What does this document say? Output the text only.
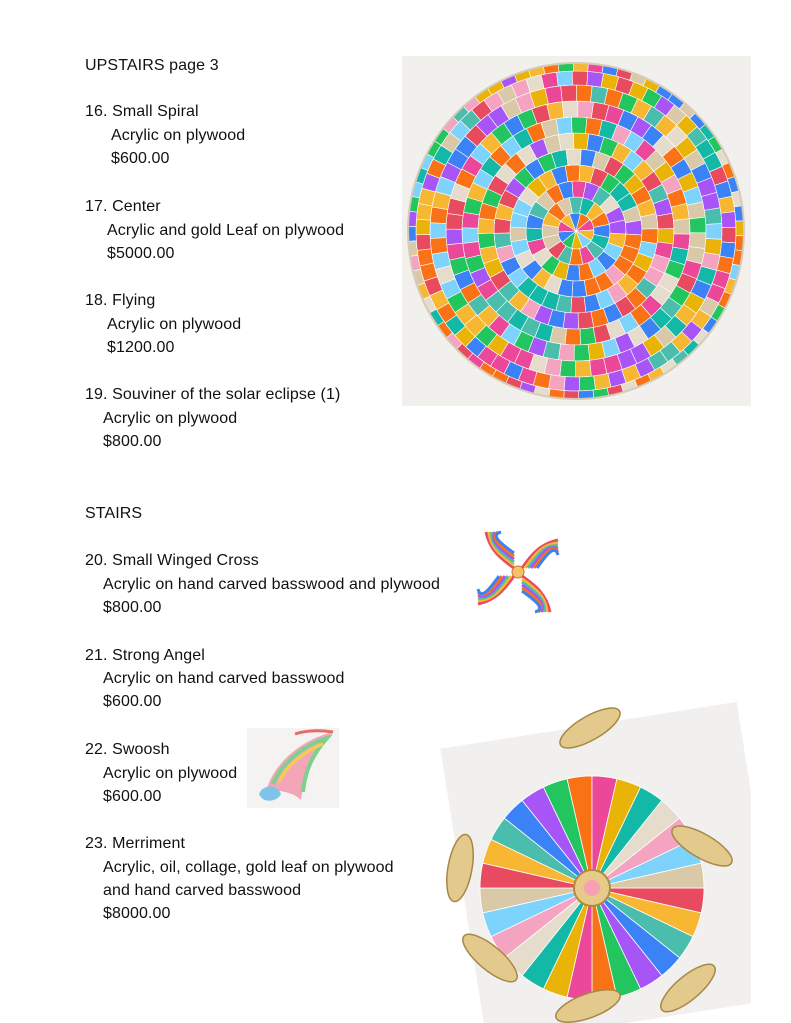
UPSTAIRS page 3
16. Small Spiral
Acrylic on plywood
$600.00
17. Center
Acrylic and gold Leaf on plywood
$5000.00
18. Flying
Acrylic on plywood
$1200.00
19. Souviner of the solar eclipse (1)
Acrylic on plywood
$800.00
STAIRS
20. Small Winged Cross
Acrylic on hand carved basswood and plywood
$800.00
21. Strong Angel
Acrylic on hand carved basswood
$600.00
22. Swoosh
Acrylic on plywood
$600.00
23. Merriment
Acrylic, oil, collage, gold leaf on plywood
and hand carved basswood
$8000.00
